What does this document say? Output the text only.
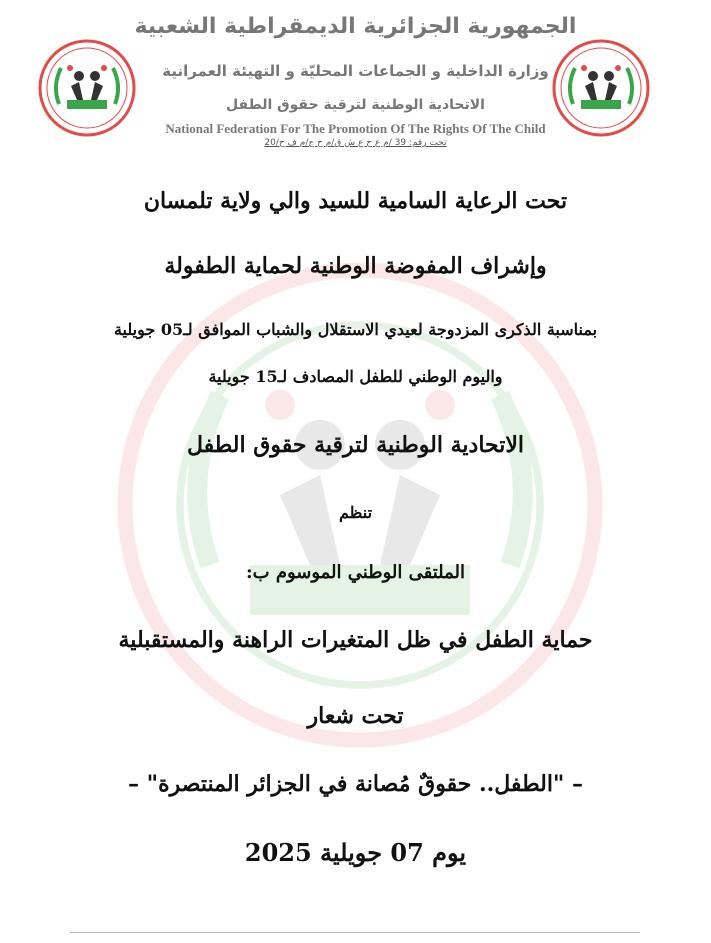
الجمهورية الجزائرية الديمقراطية الشعبية
وزارة الداخلية و الجماعات المحليّة و التهيئة العمرانية
الاتحادية الوطنية لترقية حقوق الطفل
National Federation For The Promotion Of The Rights Of The Child
تحت رقم: 39 /م ع ح ع ش ق/م ح ج/م ف ح/20
تحت الرعاية السامية للسيد والي ولاية تلمسان
وإشراف المفوضة الوطنية لحماية الطفولة
بمناسبة الذكرى المزدوجة لعيدي الاستقلال والشباب الموافق لـ05 جويلية
واليوم الوطني للطفل المصادف لـ15 جويلية
الاتحادية الوطنية لترقية حقوق الطفل
تنظم
الملتقى الوطني الموسوم ب:
حماية الطفل في ظل المتغيرات الراهنة والمستقبلية
تحت شعار
– "الطفل.. حقوقٌ مُصانة في الجزائر المنتصرة" –
يوم 07 جويلية 2025
